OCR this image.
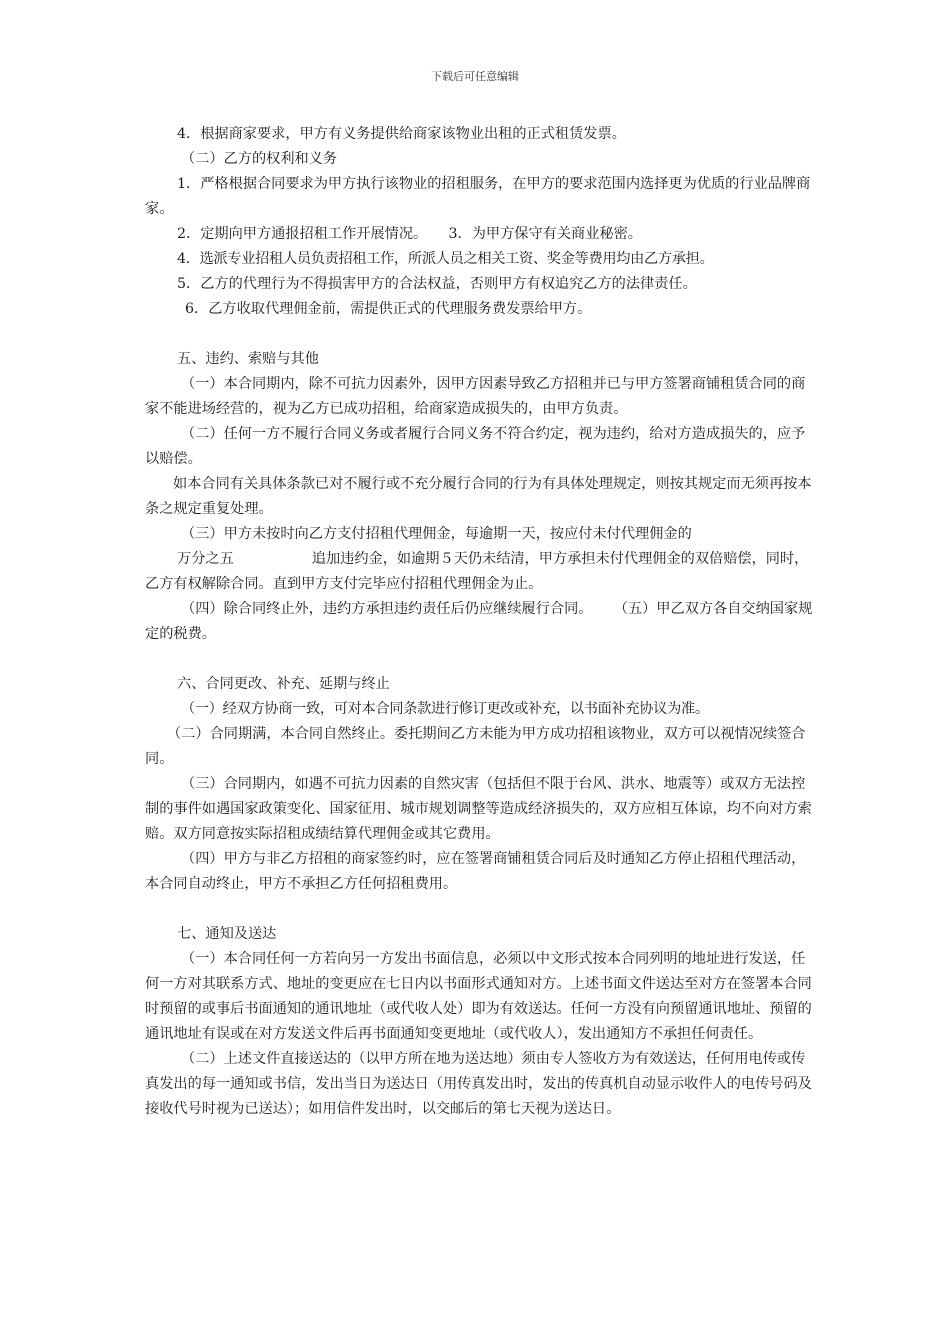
下载后可任意编辑

4．根据商家要求，甲方有义务提供给商家该物业出租的正式租赁发票。

（二）乙方的权利和义务

1．严格根据合同要求为甲方执行该物业的招租服务，在甲方的要求范围内选择更为优质的行业品牌商家。

2．定期向甲方通报招租工作开展情况。   3．为甲方保守有关商业秘密。

4．选派专业招租人员负责招租工作，所派人员之相关工资、奖金等费用均由乙方承担。

5．乙方的代理行为不得损害甲方的合法权益，否则甲方有权追究乙方的法律责任。

6．乙方收取代理佣金前，需提供正式的代理服务费发票给甲方。

五、违约、索赔与其他

（一）本合同期内，除不可抗力因素外，因甲方因素导致乙方招租并已与甲方签署商铺租赁合同的商家不能进场经营的，视为乙方已成功招租，给商家造成损失的，由甲方负责。

（二）任何一方不履行合同义务或者履行合同义务不符合约定，视为违约，给对方造成损失的，应予以赔偿。

如本合同有关具体条款已对不履行或不充分履行合同的行为有具体处理规定，则按其规定而无须再按本条之规定重复处理。

（三）甲方未按时向乙方支付招租代理佣金，每逾期一天，按应付未付代理佣金的

万分之五	追加违约金，如逾期５天仍未结清，甲方承担未付代理佣金的双倍赔偿，同时，乙方有权解除合同。直到甲方支付完毕应付招租代理佣金为止。

（四）除合同终止外，违约方承担违约责任后仍应继续履行合同。   （五）甲乙双方各自交纳国家规定的税费。

六、合同更改、补充、延期与终止

（一）经双方协商一致，可对本合同条款进行修订更改或补充，以书面补充协议为准。

（二）合同期满，本合同自然终止。委托期间乙方未能为甲方成功招租该物业，双方可以视情况续签合同。

（三）合同期内，如遇不可抗力因素的自然灾害（包括但不限于台风、洪水、地震等）或双方无法控制的事件如遇国家政策变化、国家征用、城市规划调整等造成经济损失的，双方应相互体谅，均不向对方索赔。双方同意按实际招租成绩结算代理佣金或其它费用。

（四）甲方与非乙方招租的商家签约时，应在签署商铺租赁合同后及时通知乙方停止招租代理活动，本合同自动终止，甲方不承担乙方任何招租费用。

七、通知及送达

（一）本合同任何一方若向另一方发出书面信息，必须以中文形式按本合同列明的地址进行发送，任何一方对其联系方式、地址的变更应在七日内以书面形式通知对方。上述书面文件送达至对方在签署本合同时预留的或事后书面通知的通讯地址（或代收人处）即为有效送达。任何一方没有向预留通讯地址、预留的通讯地址有误或在对方发送文件后再书面通知变更地址（或代收人），发出通知方不承担任何责任。

（二）上述文件直接送达的（以甲方所在地为送达地）须由专人签收方为有效送达，任何用电传或传真发出的每一通知或书信，发出当日为送达日（用传真发出时，发出的传真机自动显示收件人的电传号码及接收代号时视为已送达）；如用信件发出时，以交邮后的第七天视为送达日。
